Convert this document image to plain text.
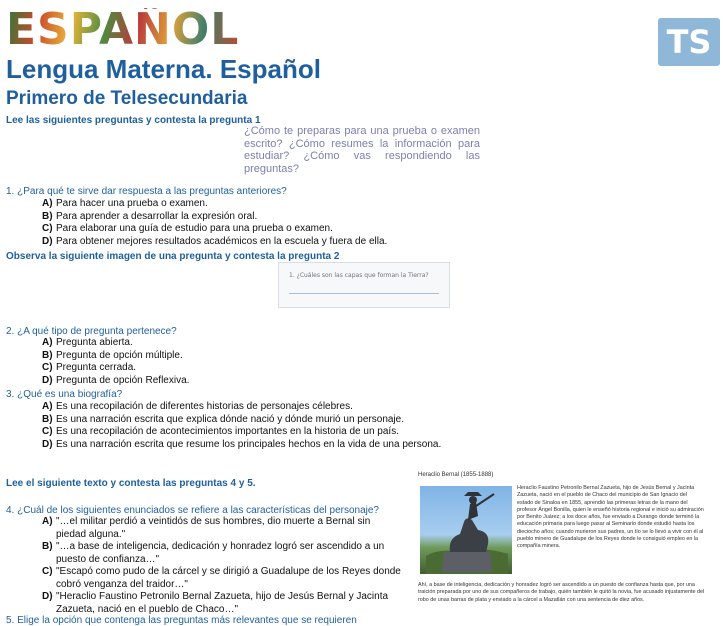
ESPAÑOL
Lengua Materna. Español
Primero de Telesecundaria
TS
Lee las siguientes preguntas y contesta la pregunta 1
¿Cómo te preparas para una prueba o examen escrito? ¿Cómo resumes la información para estudiar? ¿Cómo vas respondiendo las preguntas?
1. ¿Para qué te sirve dar respuesta a las preguntas anteriores?
A) Para hacer una prueba o examen.
B) Para aprender a desarrollar la expresión oral.
C) Para elaborar una guía de estudio para una prueba o examen.
D) Para obtener mejores resultados académicos en la escuela y fuera de ella.
Observa la siguiente imagen de una pregunta y contesta la pregunta 2
1. ¿Cuáles son las capas que forman la Tierra?
2. ¿A qué tipo de pregunta pertenece?
A) Pregunta abierta.
B) Pregunta de opción múltiple.
C) Pregunta cerrada.
D) Pregunta de opción Reflexiva.
3. ¿Qué es una biografía?
A) Es una recopilación de diferentes historias de personajes célebres.
B) Es una narración escrita que explica dónde nació y dónde murió un personaje.
C) Es una recopilación de acontecimientos importantes en la historia de un país.
D) Es una narración escrita que resume los principales hechos en la vida de una persona.
Lee el siguiente texto y contesta las preguntas 4 y 5.
4. ¿Cuál de los siguientes enunciados se refiere a las características del personaje?
A) "…el militar perdió a veintidós de sus hombres, dio muerte a Bernal sin piedad alguna."
B) "…a base de inteligencia, dedicación y honradez logró ser ascendido a un puesto de confianza…"
C) "Escapó como pudo de la cárcel y se dirigió a Guadalupe de los Reyes donde cobró venganza del traidor…"
D) "Heraclio Faustino Petronilo Bernal Zazueta, hijo de Jesús Bernal y Jacinta Zazueta, nació en el pueblo de Chaco…"
5. Elige la opción que contenga las preguntas más relevantes que se requieren
Heraclio Bernal (1855-1888)
Heraclio Faustino Petronilo Bernal Zazueta, hijo de Jesús Bernal y Jacinta Zazueta, nació en el pueblo de Chaco del municipio de San Ignacio del estado de Sinaloa en 1855, aprendió las primeras letras de la mano del profesor Ángel Bonilla, quien le enseñó historia regional e inició su admiración por Benito Juárez; a los doce años, fue enviado a Durango donde terminó la educación primaria para luego pasar al Seminario donde estudió hasta los dieciocho años; cuando murieron sus padres, un tío se lo llevó a vivir con él al pueblo minero de Guadalupe de los Reyes donde le consiguió empleo en la compañía minera.
Ahí, a base de inteligencia, dedicación y honradez logró ser ascendido a un puesto de confianza hasta que, por una traición preparada por uno de sus compañeros de trabajo, quién también le quitó la novia, fue acusado injustamente del robo de unas barras de plata y enviado a la cárcel a Mazatlán con una sentencia de diez años.
